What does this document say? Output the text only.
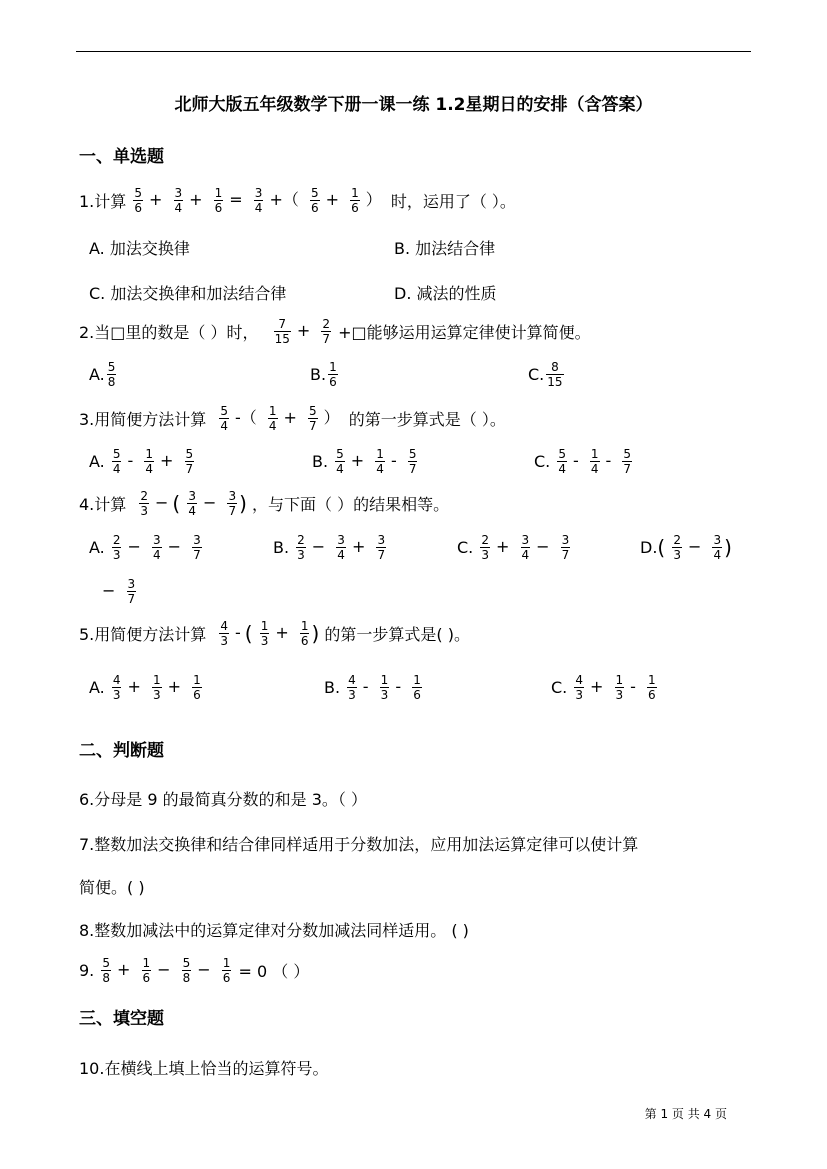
北师大版五年级数学下册一课一练 1.2星期日的安排（含答案）
一、单选题
1.计算 $\frac{5}{6} + \frac{3}{4} + \frac{1}{6} = \frac{3}{4}$ +（ $\frac{5}{6} + \frac{1}{6}$ ） 时，运用了（ ）。
A. 加法交换律	B. 加法结合律
C. 加法交换律和加法结合律	D. 减法的性质
2.当□里的数是（ ）时， $\frac{7}{15} + \frac{2}{7}$ +□能够运用运算定律使计算简便。
A. $\frac{5}{8}$	B. $\frac{1}{6}$	C. $\frac{8}{15}$
3.用简便方法计算 $\frac{5}{4}$ -（ $\frac{1}{4} + \frac{5}{7}$ ） 的第一步算式是（ ）。
A. $\frac{5}{4} - \frac{1}{4} + \frac{5}{7}$	B. $\frac{5}{4} + \frac{1}{4} - \frac{5}{7}$	C. $\frac{5}{4} - \frac{1}{4} - \frac{5}{7}$
4.计算 $\frac{2}{3}$ − ( $\frac{3}{4} - \frac{3}{7}$ ) ，与下面（ ）的结果相等。
A. $\frac{2}{3} - \frac{3}{4} - \frac{3}{7}$	B. $\frac{2}{3} - \frac{3}{4} + \frac{3}{7}$	C. $\frac{2}{3} + \frac{3}{4} - \frac{3}{7}$	$D.( \frac{2}{3} - \frac{3}{4}$ )
− $\frac{3}{7}$
5.用简便方法计算 $\frac{4}{3}$ - ( $\frac{1}{3} + \frac{1}{6}$ ) 的第一步算式是( )。
A. $\frac{4}{3} + \frac{1}{3} + \frac{1}{6}$	B. $\frac{4}{3} - \frac{1}{3} - \frac{1}{6}$	C. $\frac{4}{3} + \frac{1}{3} - \frac{1}{6}$
二、判断题
6.分母是 9 的最简真分数的和是 3。（ ）
7.整数加法交换律和结合律同样适用于分数加法，应用加法运算定律可以使计算
简便。( )
8.整数加减法中的运算定律对分数加减法同样适用。 ( )
9. $\frac{5}{8} + \frac{1}{6} - \frac{5}{8} - \frac{1}{6} = 0$ （ ）
三、填空题
10.在横线上填上恰当的运算符号。
第 1 页 共 4 页
